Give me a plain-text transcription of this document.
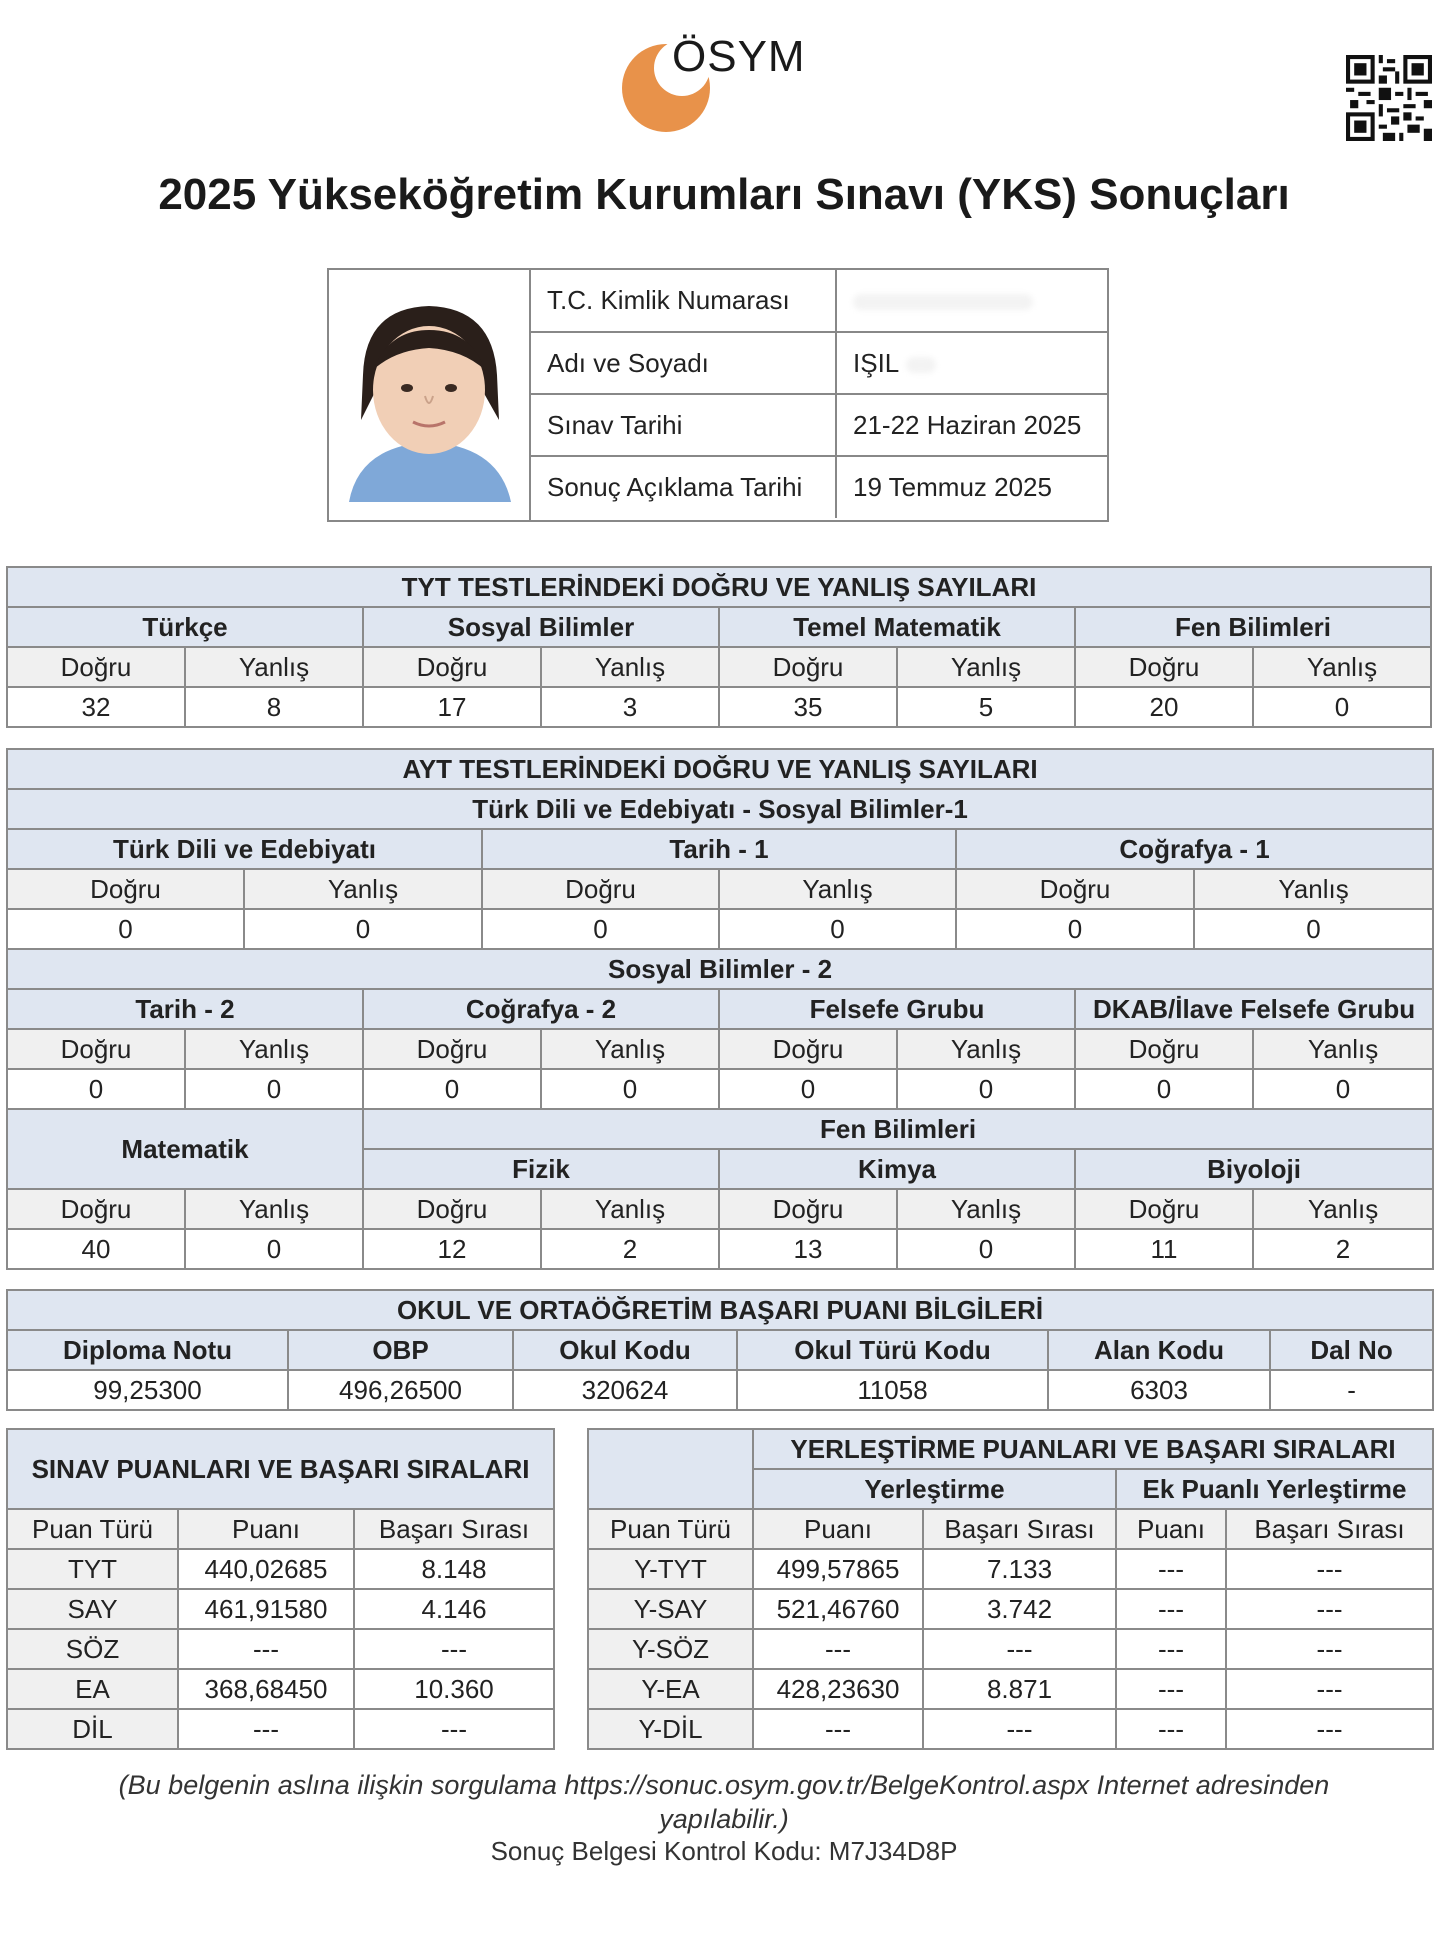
ÖSYM
2025 Yükseköğretim Kurumları Sınavı (YKS) Sonuçları
T.C. Kimlik Numarası	
Adı ve Soyadı	IŞIL
Sınav Tarihi	21-22 Haziran 2025
Sonuç Açıklama Tarihi	19 Temmuz 2025
TYT TESTLERİNDEKİ DOĞRU VE YANLIŞ SAYILARI							
Türkçe		Sosyal Bilimler		Temel Matematik		Fen Bilimleri	
Doğru	Yanlış	Doğru	Yanlış	Doğru	Yanlış	Doğru	Yanlış
32	8	17	3	35	5	20	0
AYT TESTLERİNDEKİ DOĞRU VE YANLIŞ SAYILARI											
Türk Dili ve Edebiyatı - Sosyal Bilimler-1											
Türk Dili ve Edebiyatı				Tarih - 1				Coğrafya - 1			
Doğru		Yanlış		Doğru		Yanlış		Doğru		Yanlış	
0		0		0		0		0		0	
Sosyal Bilimler - 2											
Tarih - 2			Coğrafya - 2			Felsefe Grubu			DKAB/İlave Felsefe Grubu		
Doğru	Yanlış		Doğru		Yanlış	Doğru	Yanlış		Doğru		Yanlış
0	0		0		0	0	0		0		0
Matematik			Fen Bilimleri								
			Fizik			Kimya			Biyoloji		
Doğru	Yanlış		Doğru		Yanlış	Doğru	Yanlış		Doğru		Yanlış
40	0		12		2	13	0		11		2
OKUL VE ORTAÖĞRETİM BAŞARI PUANI BİLGİLERİ					
Diploma Notu	OBP	Okul Kodu	Okul Türü Kodu	Alan Kodu	Dal No
99,25300	496,26500	320624	11058	6303	-
SINAV PUANLARI VE BAŞARI SIRALARI					YERLEŞTİRME PUANLARI VE BAŞARI SIRALARI			
					Yerleştirme		Ek Puanlı Yerleştirme	
Puan Türü	Puanı	Başarı Sırası		Puan Türü	Puanı	Başarı Sırası	Puanı	Başarı Sırası
TYT	440,02685	8.148		Y-TYT	499,57865	7.133	---	---
SAY	461,91580	4.146		Y-SAY	521,46760	3.742	---	---
SÖZ	---	---		Y-SÖZ	---	---	---	---
EA	368,68450	10.360		Y-EA	428,23630	8.871	---	---
DİL	---	---		Y-DİL	---	---	---	---
(Bu belgenin aslına ilişkin sorgulama https://sonuc.osym.gov.tr/BelgeKontrol.aspx Internet adresinden
yapılabilir.)
Sonuç Belgesi Kontrol Kodu: M7J34D8P
